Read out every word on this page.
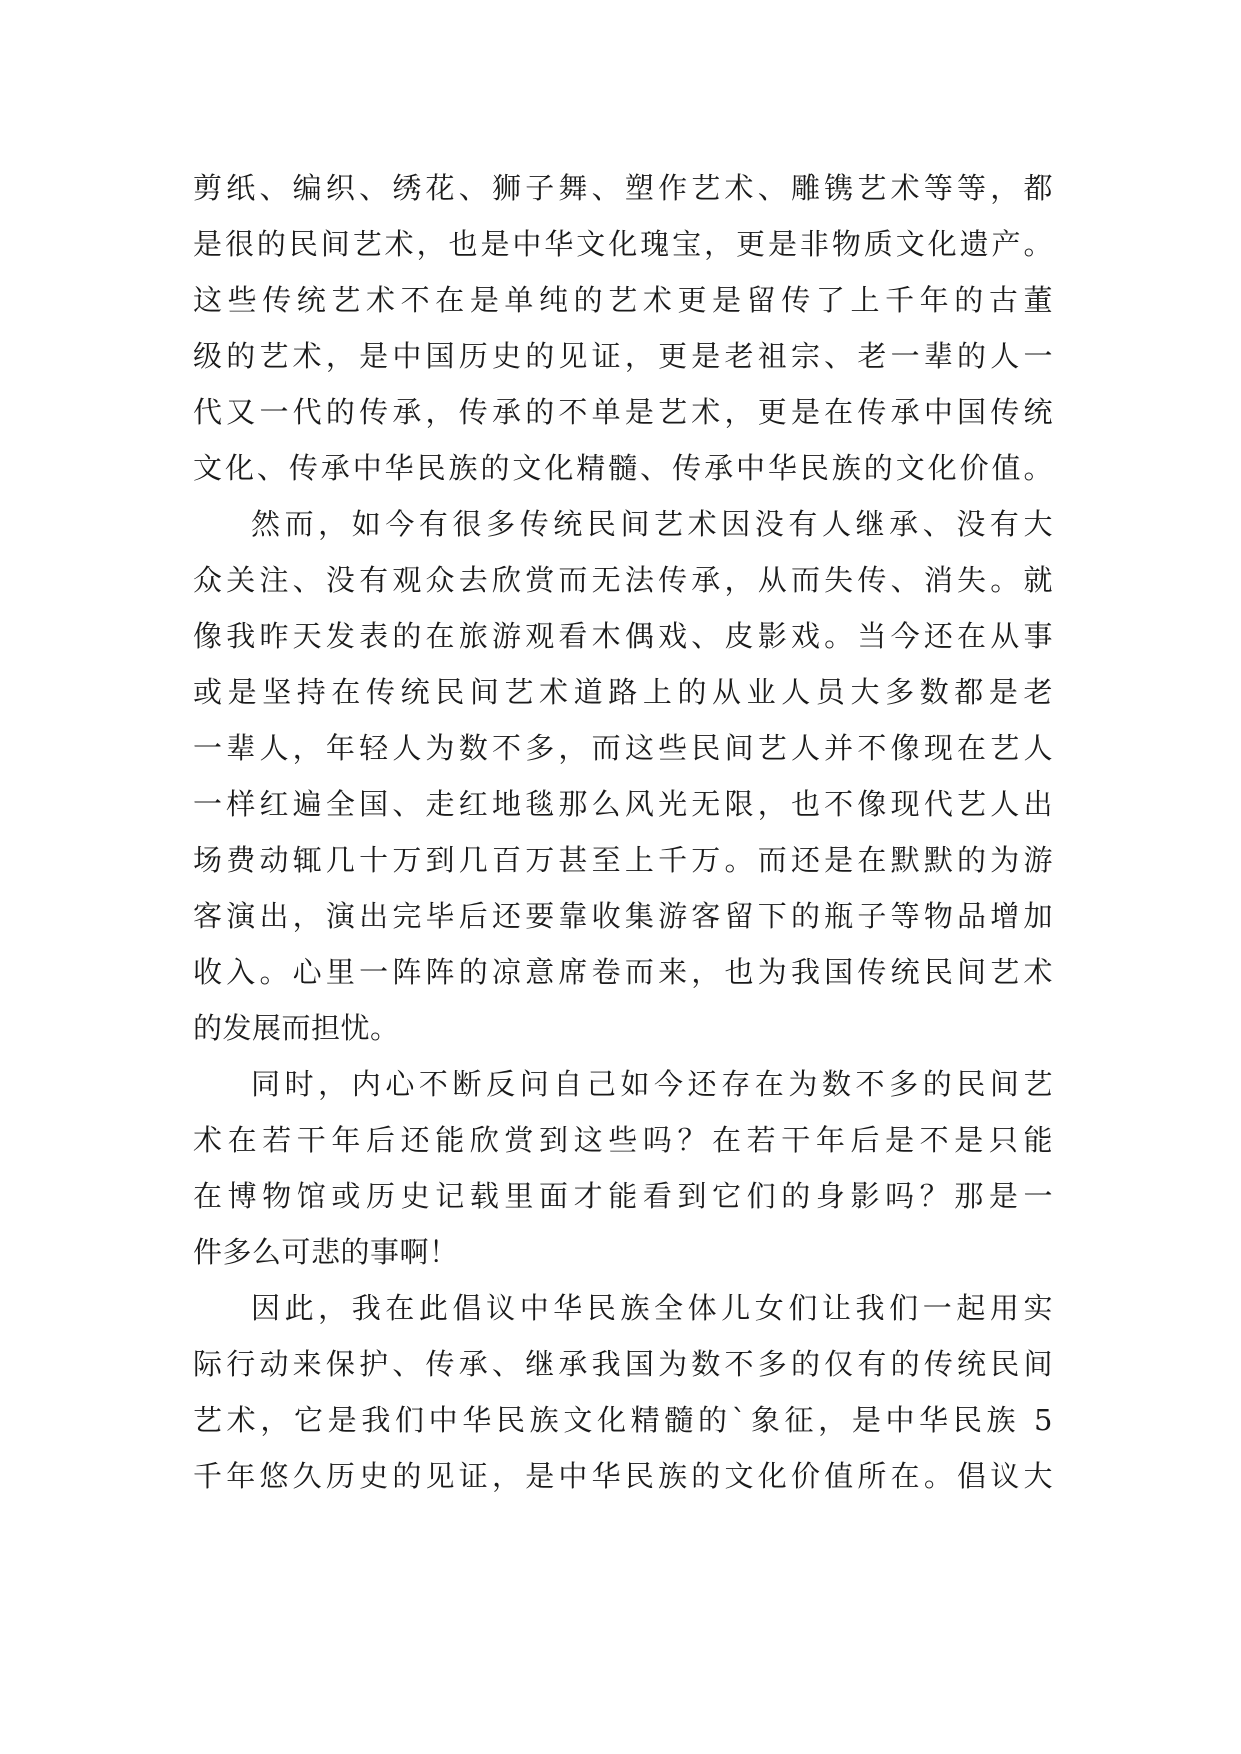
剪纸、编织、绣花、狮子舞、塑作艺术、雕镌艺术等等，都
是很的民间艺术，也是中华文化瑰宝，更是非物质文化遗产。
这些传统艺术不在是单纯的艺术更是留传了上千年的古董
级的艺术，是中国历史的见证，更是老祖宗、老一辈的人一
代又一代的传承，传承的不单是艺术，更是在传承中国传统
文化、传承中华民族的文化精髓、传承中华民族的文化价值。
然而，如今有很多传统民间艺术因没有人继承、没有大
众关注、没有观众去欣赏而无法传承，从而失传、消失。就
像我昨天发表的在旅游观看木偶戏、皮影戏。当今还在从事
或是坚持在传统民间艺术道路上的从业人员大多数都是老
一辈人，年轻人为数不多，而这些民间艺人并不像现在艺人
一样红遍全国、走红地毯那么风光无限，也不像现代艺人出
场费动辄几十万到几百万甚至上千万。而还是在默默的为游
客演出，演出完毕后还要靠收集游客留下的瓶子等物品增加
收入。心里一阵阵的凉意席卷而来，也为我国传统民间艺术
的发展而担忧。
同时，内心不断反问自己如今还存在为数不多的民间艺
术在若干年后还能欣赏到这些吗？在若干年后是不是只能
在博物馆或历史记载里面才能看到它们的身影吗？那是一
件多么可悲的事啊！
因此，我在此倡议中华民族全体儿女们让我们一起用实
际行动来保护、传承、继承我国为数不多的仅有的传统民间
艺术，它是我们中华民族文化精髓的`象征，是中华民族 5
千年悠久历史的见证，是中华民族的文化价值所在。倡议大
